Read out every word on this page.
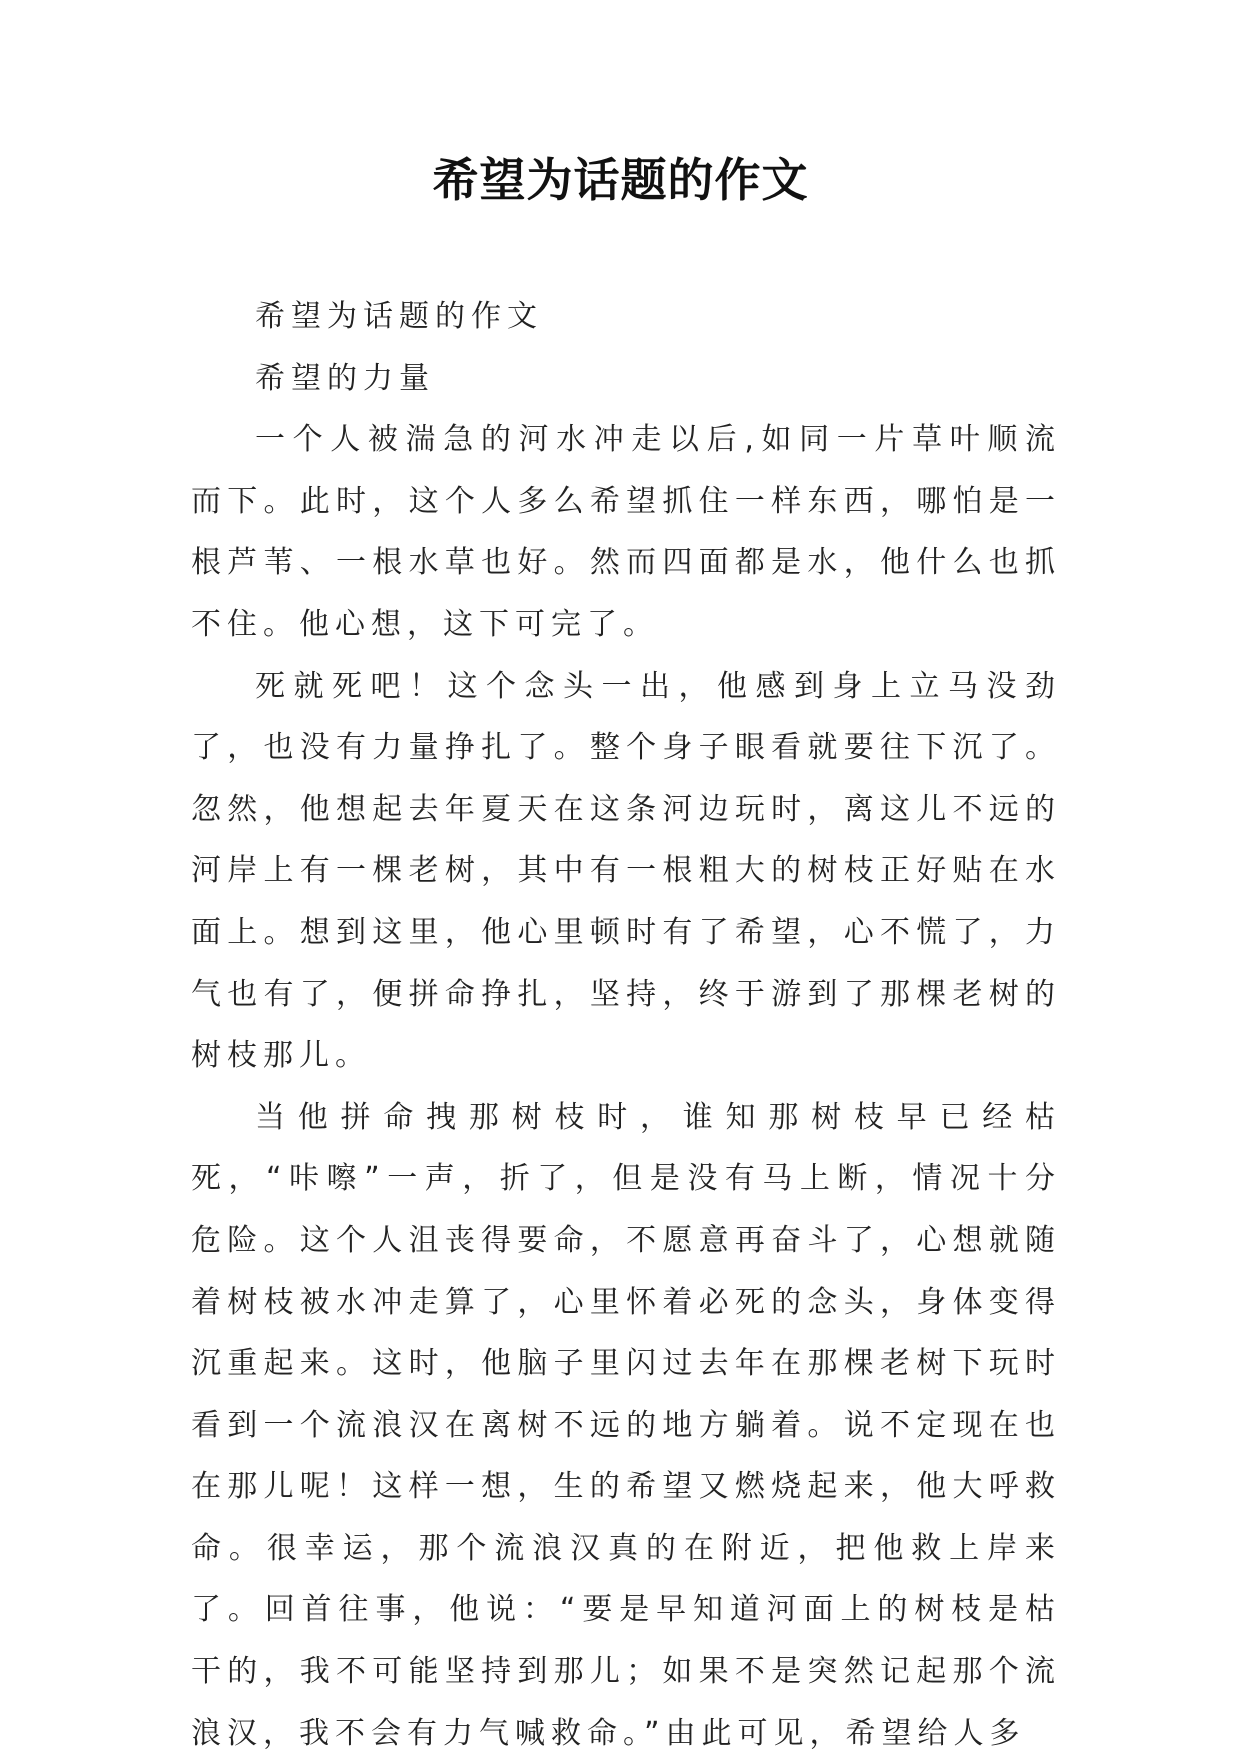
希望为话题的作文

希望为话题的作文

希望的力量

一个人被湍急的河水冲走以后,如同一片草叶顺流而下。此时，这个人多么希望抓住一样东西，哪怕是一根芦苇、一根水草也好。然而四面都是水，他什么也抓不住。他心想，这下可完了。

死就死吧！这个念头一出，他感到身上立马没劲了，也没有力量挣扎了。整个身子眼看就要往下沉了。忽然，他想起去年夏天在这条河边玩时，离这儿不远的河岸上有一棵老树，其中有一根粗大的树枝正好贴在水面上。想到这里，他心里顿时有了希望，心不慌了，力气也有了，便拼命挣扎，坚持，终于游到了那棵老树的树枝那儿。

当他拼命拽那树枝时，谁知那树枝早已经枯死，“咔嚓”一声，折了，但是没有马上断，情况十分危险。这个人沮丧得要命，不愿意再奋斗了，心想就随着树枝被水冲走算了，心里怀着必死的念头，身体变得沉重起来。这时，他脑子里闪过去年在那棵老树下玩时看到一个流浪汉在离树不远的地方躺着。说不定现在也在那儿呢！这样一想，生的希望又燃烧起来，他大呼救命。很幸运，那个流浪汉真的在附近，把他救上岸来了。回首往事，他说：“要是早知道河面上的树枝是枯干的，我不可能坚持到那儿；如果不是突然记起那个流浪汉，我不会有力气喊救命。”由此可见，希望给人多
